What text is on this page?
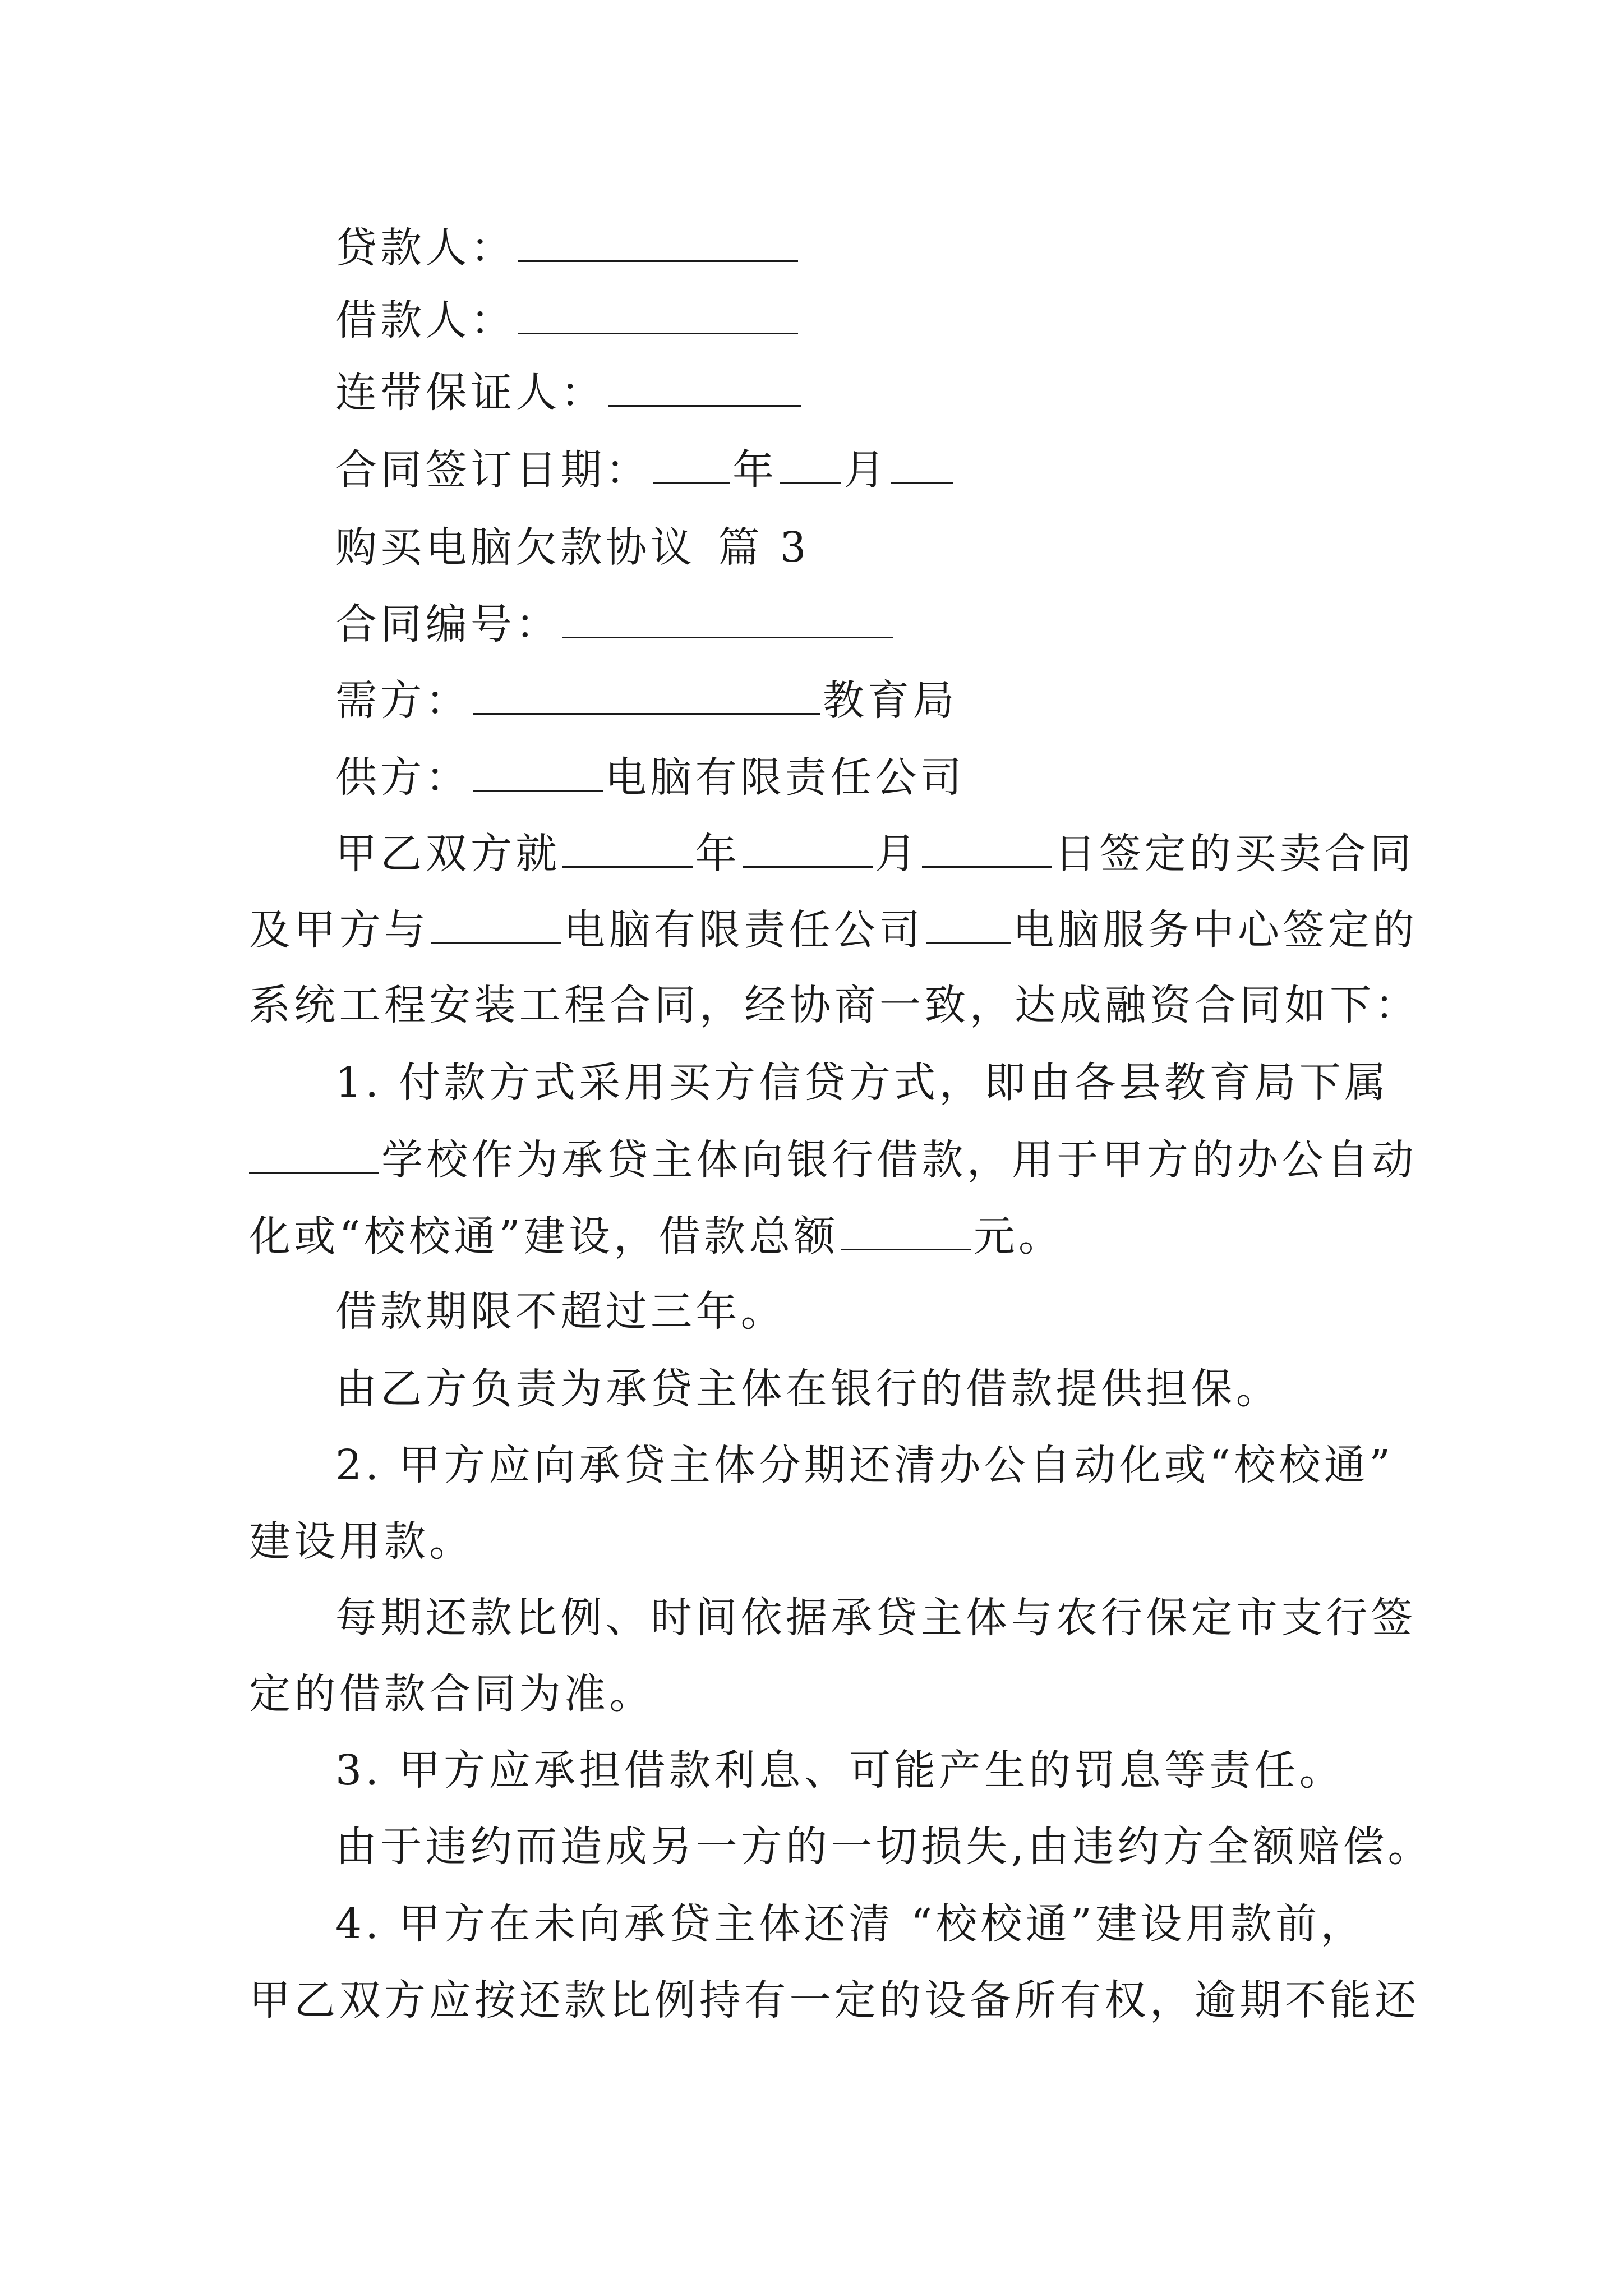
贷款人：
借款人：
连带保证人：
合同签订日期： 年 月
购买电脑欠款协议 篇 3
合同编号：
需方：	教育局
供方：	电脑有限责任公司
甲乙双方就	年	月	日签定的买卖合同
及甲方与	电脑有限责任公司 电脑服务中心签定的
系统工程安装工程合同，经协商一致，达成融资合同如下：
1. 付款方式采用买方信贷方式，即由各县教育局下属
学校作为承贷主体向银行借款，用于甲方的办公自动
化或“校校通”建设，借款总额	元。
借款期限不超过三年。
由乙方负责为承贷主体在银行的借款提供担保。
2. 甲方应向承贷主体分期还清办公自动化或“校校通”
建设用款。
每期还款比例、时间依据承贷主体与农行保定市支行签
定的借款合同为准。
3. 甲方应承担借款利息、可能产生的罚息等责任。
由于违约而造成另一方的一切损失,由违约方全额赔偿。
4. 甲方在未向承贷主体还清 “校校通”建设用款前，
甲乙双方应按还款比例持有一定的设备所有权，逾期不能还
